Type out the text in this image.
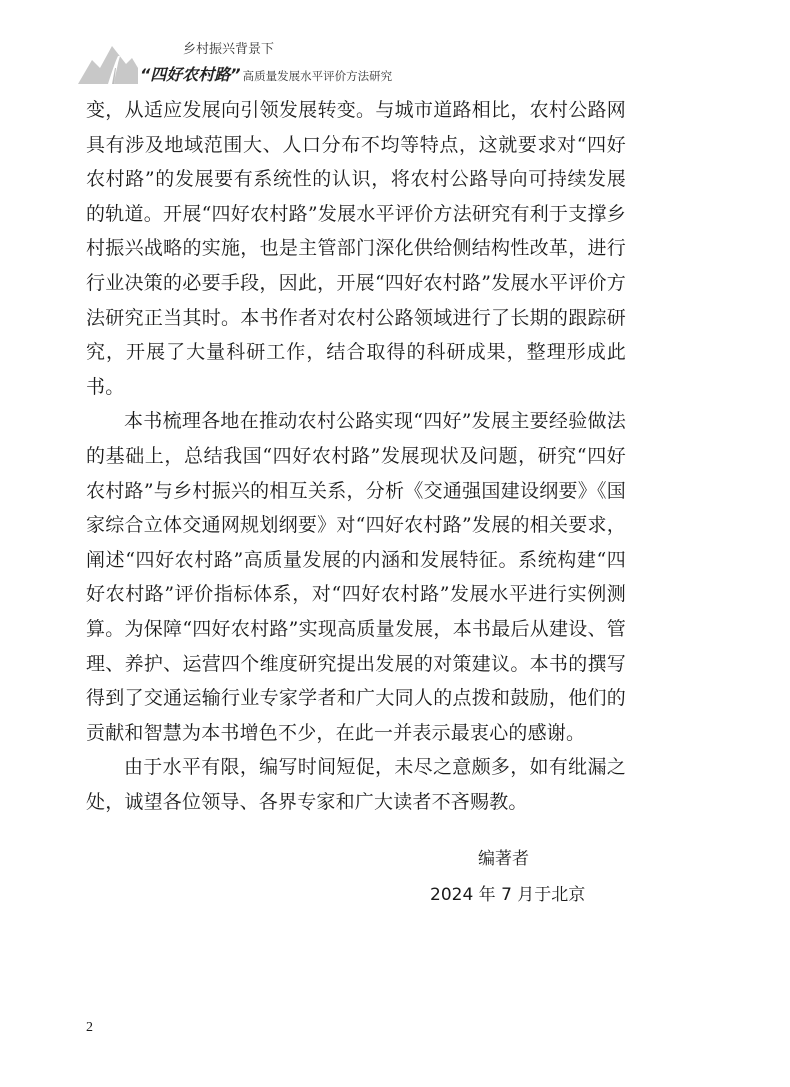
乡村振兴背景下
“四好农村路” 高质量发展水平评价方法研究

变，从适应发展向引领发展转变。与城市道路相比，农村公路网具有涉及地域范围大、人口分布不均等特点，这就要求对“四好农村路”的发展要有系统性的认识，将农村公路导向可持续发展的轨道。开展“四好农村路”发展水平评价方法研究有利于支撑乡村振兴战略的实施，也是主管部门深化供给侧结构性改革，进行行业决策的必要手段，因此，开展“四好农村路”发展水平评价方法研究正当其时。本书作者对农村公路领域进行了长期的跟踪研究，开展了大量科研工作，结合取得的科研成果，整理形成此书。

本书梳理各地在推动农村公路实现“四好”发展主要经验做法的基础上，总结我国“四好农村路”发展现状及问题，研究“四好农村路”与乡村振兴的相互关系，分析《交通强国建设纲要》《国家综合立体交通网规划纲要》对“四好农村路”发展的相关要求，阐述“四好农村路”高质量发展的内涵和发展特征。系统构建“四好农村路”评价指标体系，对“四好农村路”发展水平进行实例测算。为保障“四好农村路”实现高质量发展，本书最后从建设、管理、养护、运营四个维度研究提出发展的对策建议。本书的撰写得到了交通运输行业专家学者和广大同人的点拨和鼓励，他们的贡献和智慧为本书增色不少，在此一并表示最衷心的感谢。

由于水平有限，编写时间短促，未尽之意颇多，如有纰漏之处，诚望各位领导、各界专家和广大读者不吝赐教。

编著者
2024 年 7 月于北京
2
